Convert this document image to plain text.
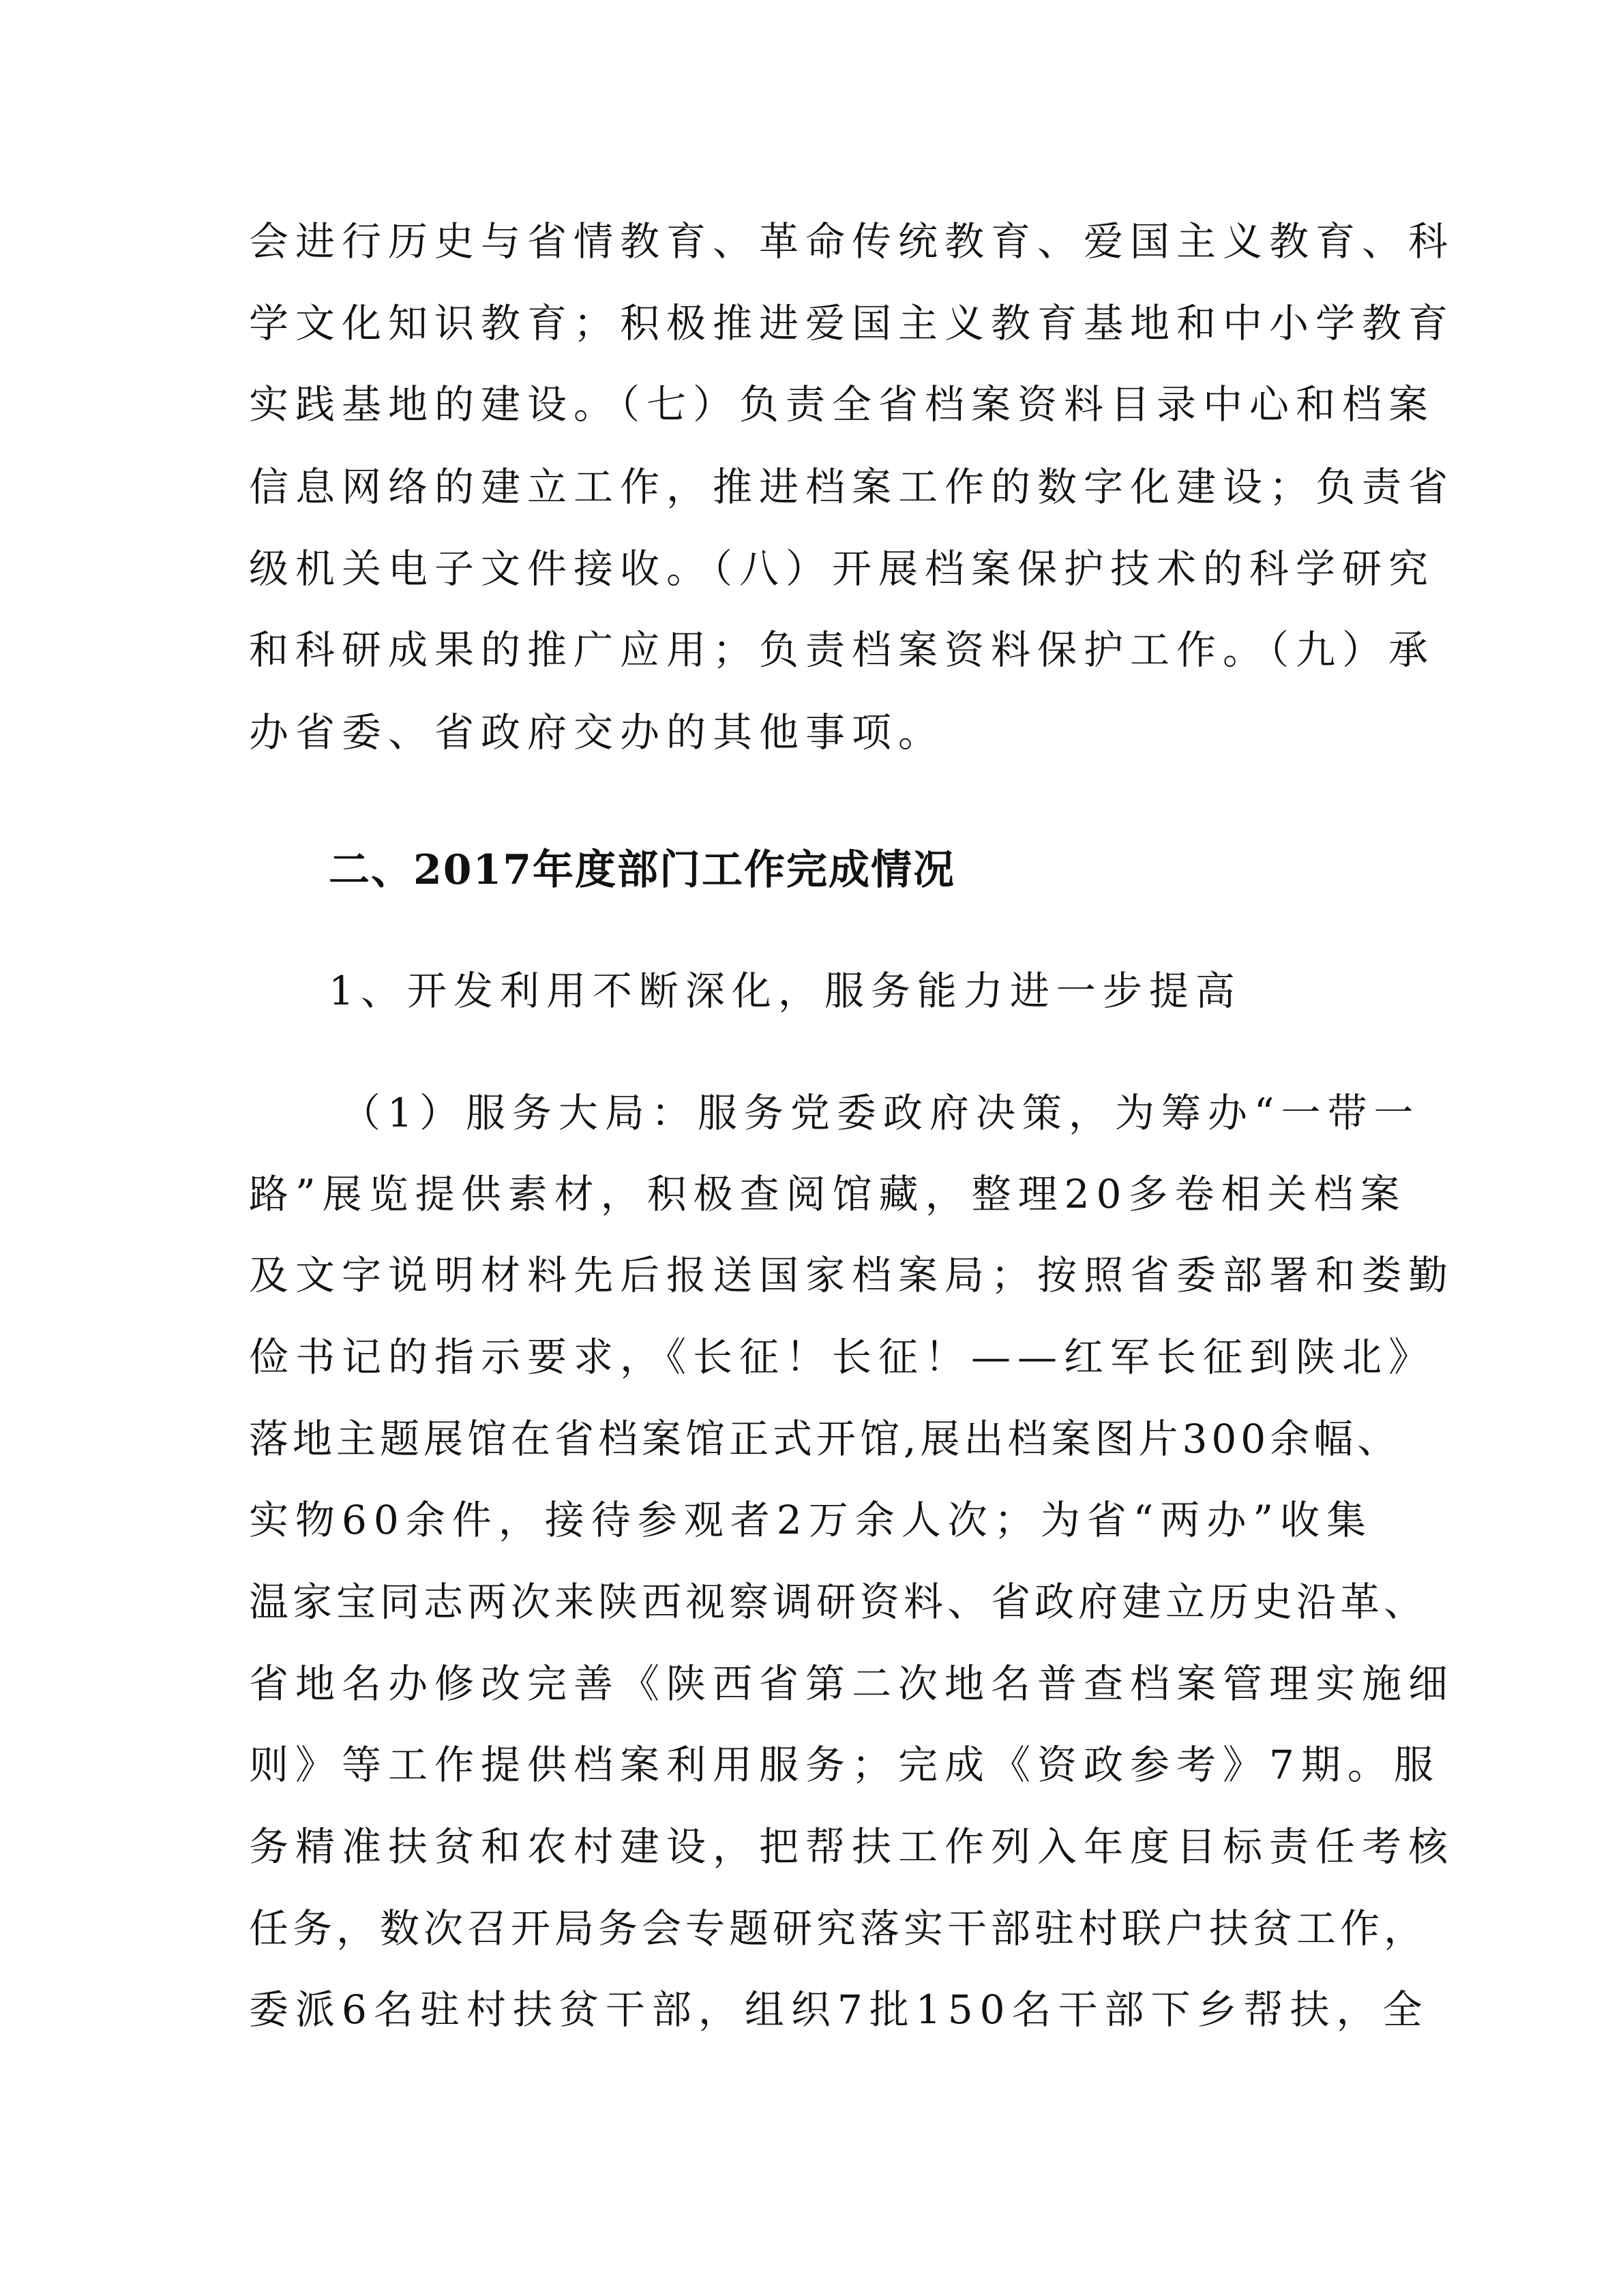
会进行历史与省情教育、革命传统教育、爱国主义教育、科
学文化知识教育；积极推进爱国主义教育基地和中小学教育
实践基地的建设。（七）负责全省档案资料目录中心和档案
信息网络的建立工作，推进档案工作的数字化建设；负责省
级机关电子文件接收。（八）开展档案保护技术的科学研究
和科研成果的推广应用；负责档案资料保护工作。（九）承
办省委、省政府交办的其他事项。
二、2017年度部门工作完成情况
1、开发利用不断深化，服务能力进一步提高
（1）服务大局：服务党委政府决策，为筹办“一带一
路”展览提供素材，积极查阅馆藏，整理20多卷相关档案
及文字说明材料先后报送国家档案局；按照省委部署和娄勤
俭书记的指示要求，《长征！长征！——红军长征到陕北》
落地主题展馆在省档案馆正式开馆,展出档案图片300余幅、
实物60余件，接待参观者2万余人次；为省“两办”收集
温家宝同志两次来陕西视察调研资料、省政府建立历史沿革、
省地名办修改完善《陕西省第二次地名普查档案管理实施细
则》等工作提供档案利用服务；完成《资政参考》7期。服
务精准扶贫和农村建设，把帮扶工作列入年度目标责任考核
任务，数次召开局务会专题研究落实干部驻村联户扶贫工作，
委派6名驻村扶贫干部，组织7批150名干部下乡帮扶，全
